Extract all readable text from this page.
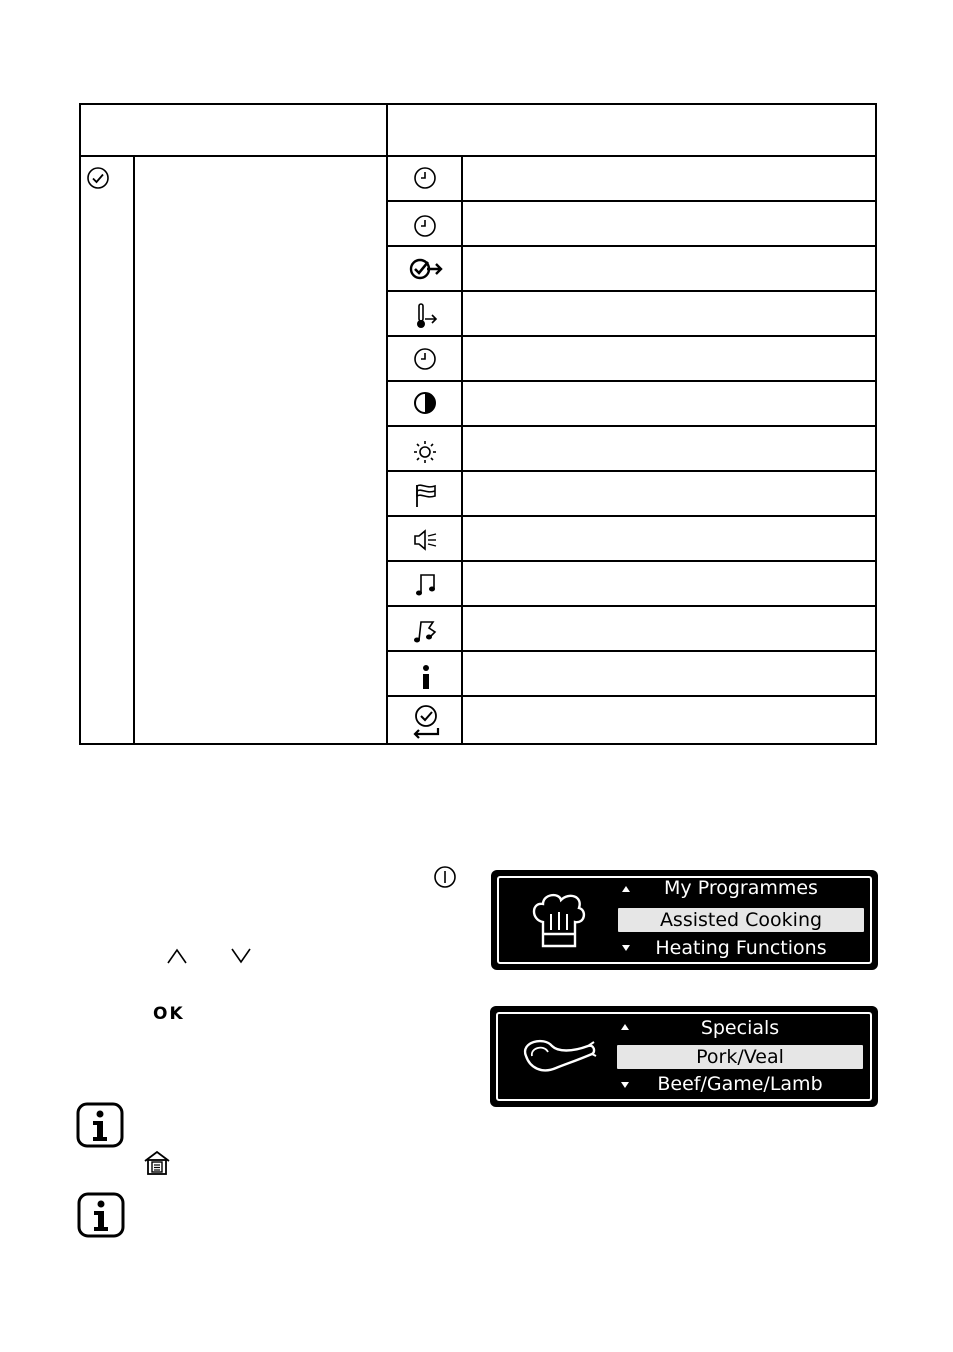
OK
My Programmes
Assisted Cooking
Heating Functions
Specials
Pork/Veal
Beef/Game/Lamb
